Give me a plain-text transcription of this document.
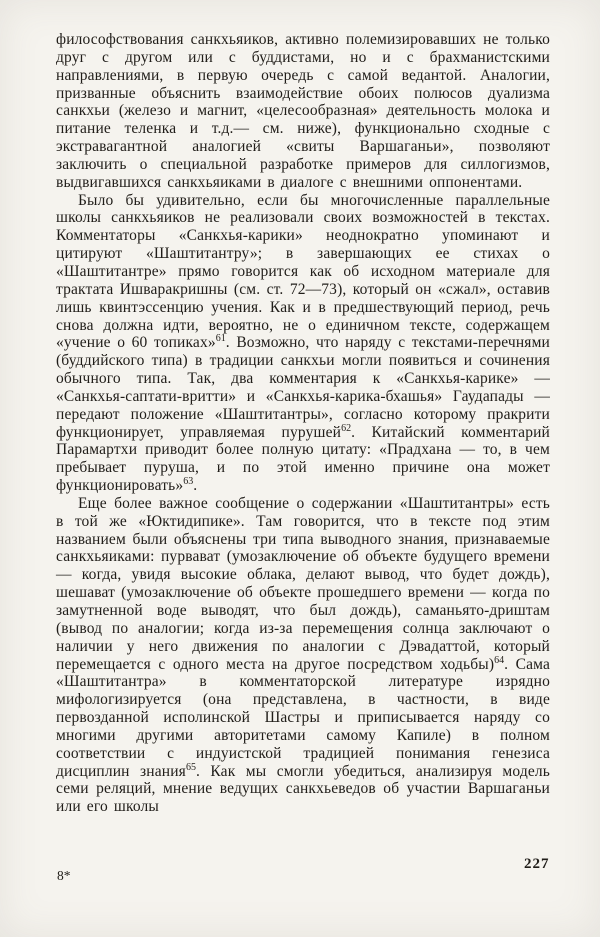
философствования санкхьяиков, активно полемизировавших не только друг с другом или с буддистами, но и с брахманистскими направлениями, в первую очередь с самой ведантой. Аналогии, призванные объяснить взаимодействие обоих полюсов дуализма санкхьи (железо и магнит, «целесообразная» деятельность молока и питание теленка и т.д.— см. ниже), функционально сходные с экстравагантной аналогией «свиты Варшаганьи», позволяют заключить о специальной разработке примеров для силлогизмов, выдвигавшихся санкхьяиками в диалоге с внешними оппонентами.

Было бы удивительно, если бы многочисленные параллельные школы санкхьяиков не реализовали своих возможностей в текстах. Комментаторы «Санкхья-карики» неоднократно упоминают и цитируют «Шаштитантру»; в завершающих ее стихах о «Шаштитантре» прямо говорится как об исходном материале для трактата Ишваракришны (см. ст. 72—73), который он «сжал», оставив лишь квинтэссенцию учения. Как и в предшествующий период, речь снова должна идти, вероятно, не о единичном тексте, содержащем «учение о 60 топиках»$^{61}$. Возможно, что наряду с текстами-перечнями (буддийского типа) в традиции санкхьи могли появиться и сочинения обычного типа. Так, два комментария к «Санкхья-карике» — «Санкхья-саптати-вритти» и «Санкхья-карика-бхашья» Гаудапады — передают положение «Шаштитантры», согласно которому пракрити функционирует, управляемая пурушей$^{62}$. Китайский комментарий Парамартхи приводит более полную цитату: «Прадхана — то, в чем пребывает пуруша, и по этой именно причине она может функционировать»$^{63}$.

Еще более важное сообщение о содержании «Шаштитантры» есть в той же «Юктидипике». Там говорится, что в тексте под этим названием были объяснены три типа выводного знания, признаваемые санкхьяиками: пурвават (умозаключение об объекте будущего времени — когда, увидя высокие облака, делают вывод, что будет дождь), шешават (умозаключение об объекте прошедшего времени — когда по замутненной воде выводят, что был дождь), саманьято-дриштам (вывод по аналогии; когда из-за перемещения солнца заключают о наличии у него движения по аналогии с Дэвадаттой, который перемещается с одного места на другое посредством ходьбы)$^{64}$. Сама «Шаштитантра» в комментаторской литературе изрядно мифологизируется (она представлена, в частности, в виде первозданной исполинской Шастры и приписывается наряду со многими другими авторитетами самому Капиле) в полном соответствии с индуистской традицией понимания генезиса дисциплин знания$^{65}$. Как мы смогли убедиться, анализируя модель семи реляций, мнение ведущих санкхьеведов об участии Варшаганьи или его школы

8*
227
